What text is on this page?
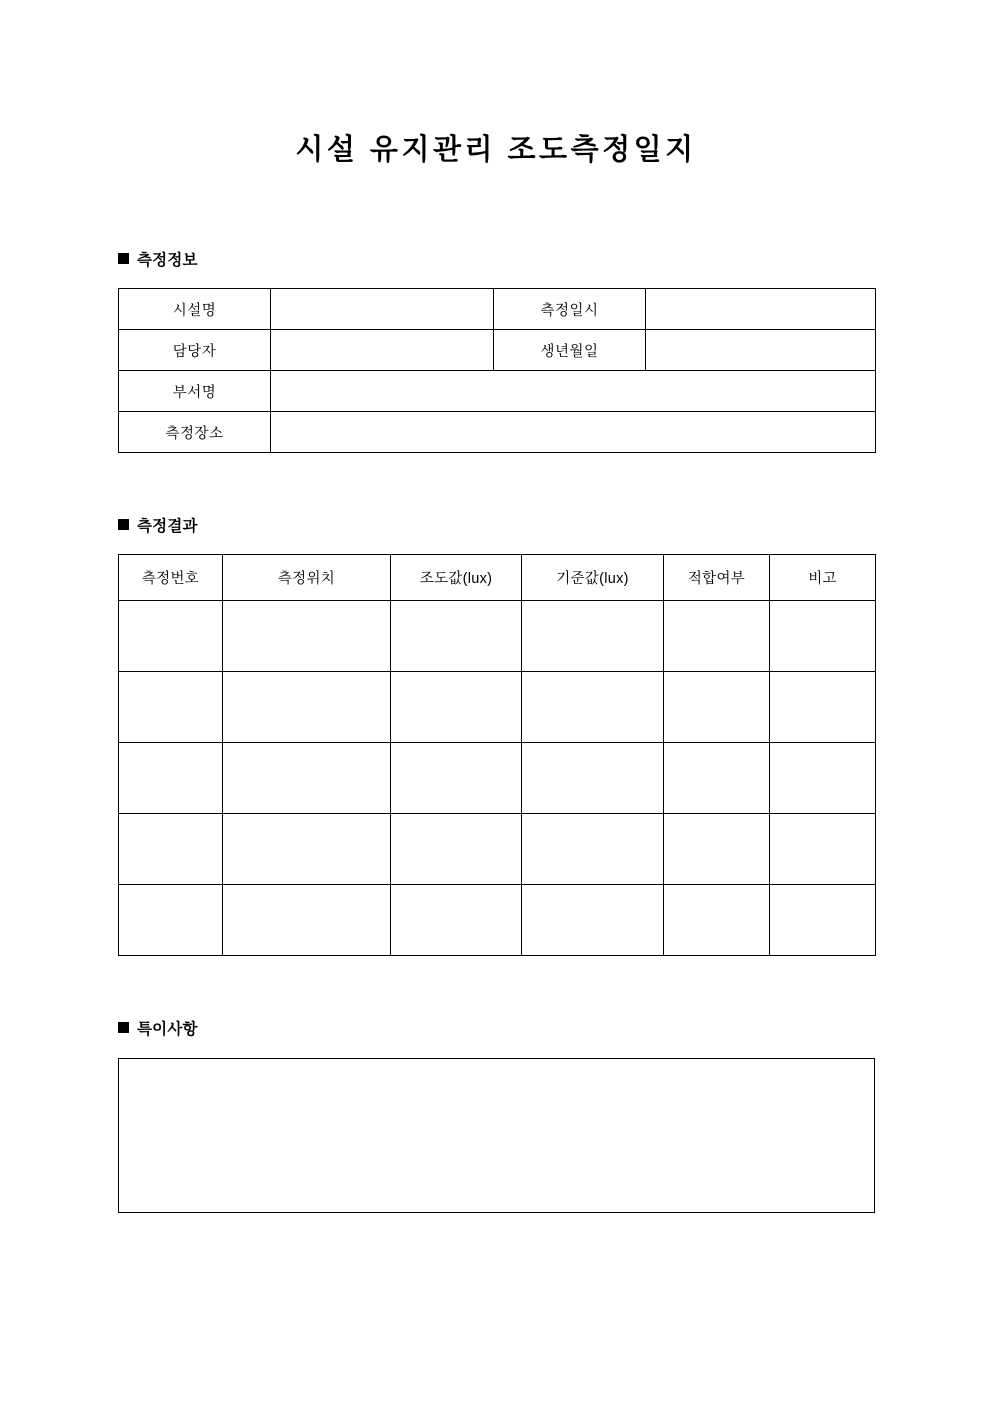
시설 유지관리 조도측정일지
측정정보
시설명		측정일시	
담당자		생년월일	
부서명			
측정장소			
측정결과
측정번호	측정위치	조도값(lux)	기준값(lux)	적합여부	비고

특이사항
